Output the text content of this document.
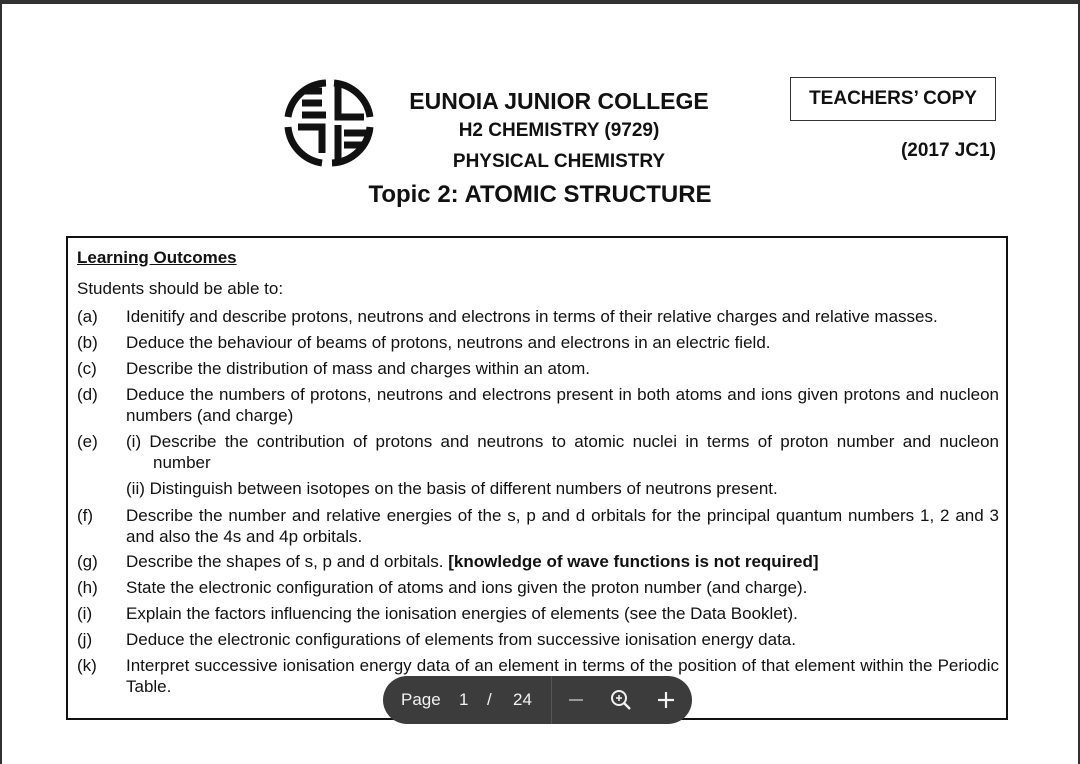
EUNOIA JUNIOR COLLEGE
H2 CHEMISTRY (9729)
PHYSICAL CHEMISTRY
Topic 2: ATOMIC STRUCTURE
TEACHERS’ COPY
(2017 JC1)
Learning Outcomes
Students should be able to:
(a) Idenitify and describe protons, neutrons and electrons in terms of their relative charges and relative masses.
(b) Deduce the behaviour of beams of protons, neutrons and electrons in an electric field.
(c) Describe the distribution of mass and charges within an atom.
(d) Deduce the numbers of protons, neutrons and electrons present in both atoms and ions given protons and nucleon numbers (and charge)
(e) (i) Describe the contribution of protons and neutrons to atomic nuclei in terms of proton number and nucleon number
(ii) Distinguish between isotopes on the basis of different numbers of neutrons present.
(f) Describe the number and relative energies of the s, p and d orbitals for the principal quantum numbers 1, 2 and 3 and also the 4s and 4p orbitals.
(g) Describe the shapes of s, p and d orbitals. [knowledge of wave functions is not required]
(h) State the electronic configuration of atoms and ions given the proton number (and charge).
(i) Explain the factors influencing the ionisation energies of elements (see the Data Booklet).
(j) Deduce the electronic configurations of elements from successive ionisation energy data.
(k) Interpret successive ionisation energy data of an element in terms of the position of that element within the Periodic Table.
Page 1 / 24
